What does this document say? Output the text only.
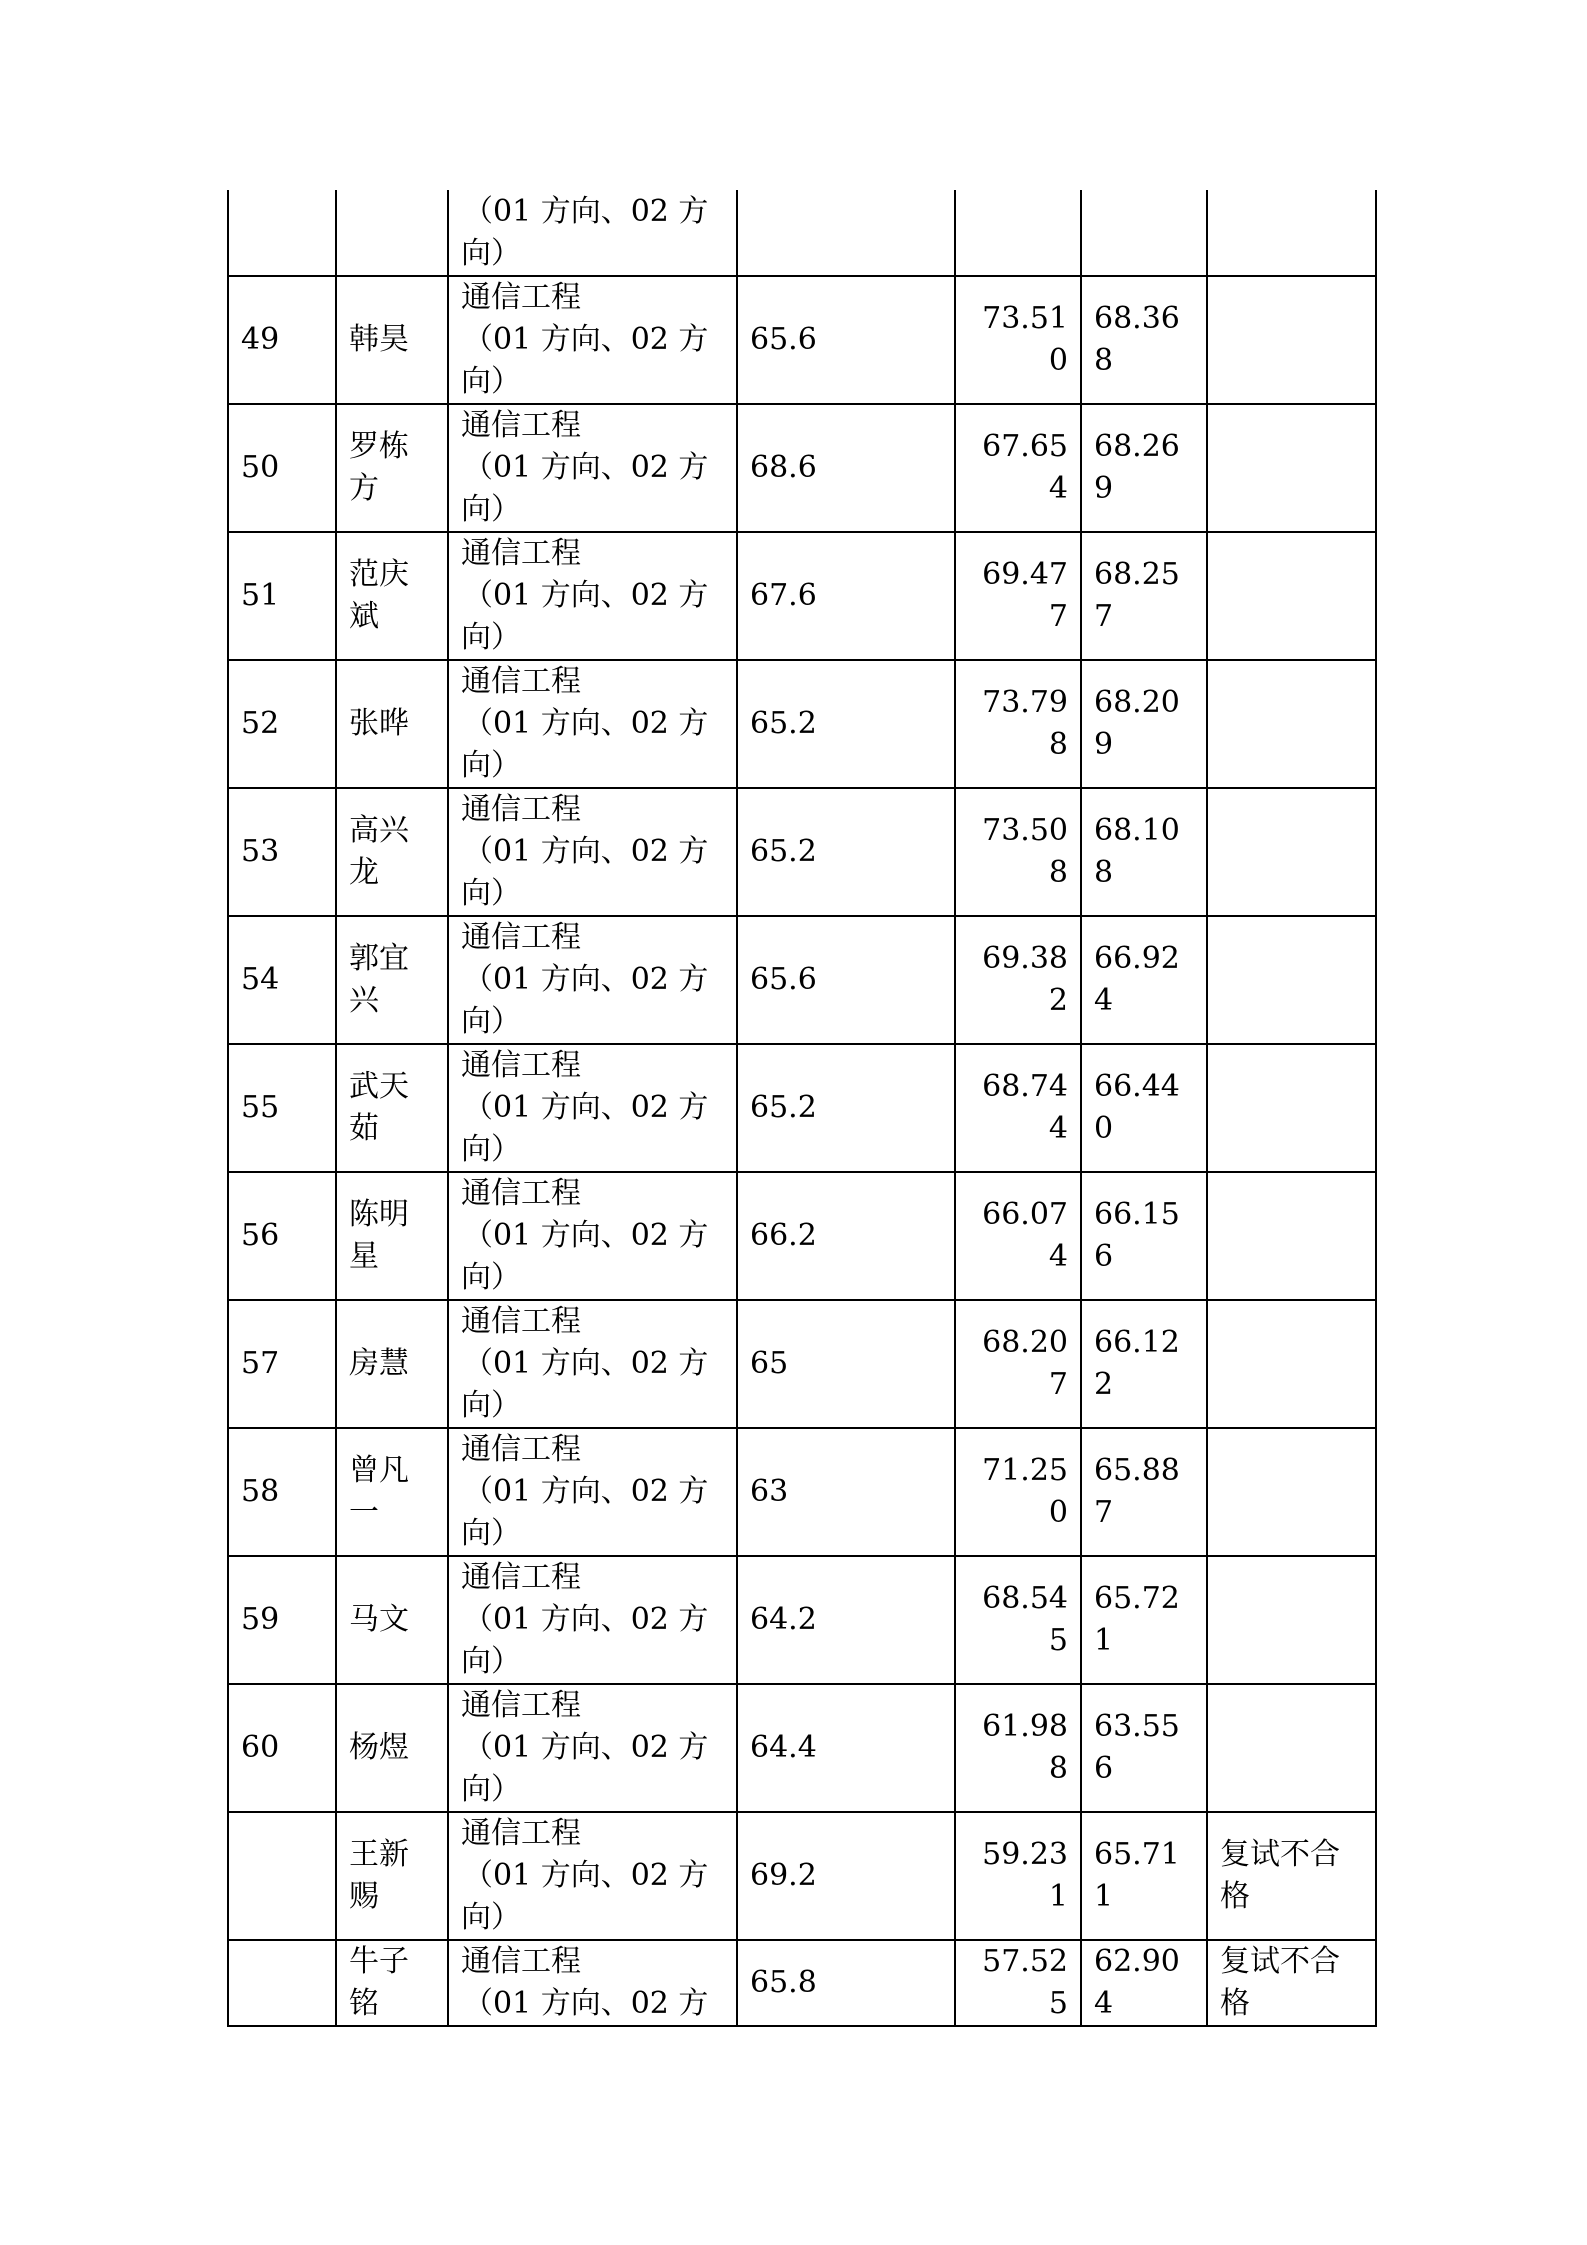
		（01 方向、02 方
向）				

49	韩昊	通信工程
（01 方向、02 方
向）	65.6	73.510	68.368	
50	罗栋方	通信工程
（01 方向、02 方
向）	68.6	67.654	68.269	
51	范庆斌	通信工程
（01 方向、02 方
向）	67.6	69.477	68.257	
52	张晔	通信工程
（01 方向、02 方
向）	65.2	73.798	68.209	
53	高兴龙	通信工程
（01 方向、02 方
向）	65.2	73.508	68.108	
54	郭宜兴	通信工程
（01 方向、02 方
向）	65.6	69.382	66.924	
55	武天茹	通信工程
（01 方向、02 方
向）	65.2	68.744	66.440	
56	陈明星	通信工程
（01 方向、02 方
向）	66.2	66.074	66.156	
57	房慧	通信工程
（01 方向、02 方
向）	65	68.207	66.122	
58	曾凡一	通信工程
（01 方向、02 方
向）	63	71.250	65.887	
59	马文	通信工程
（01 方向、02 方
向）	64.2	68.545	65.721	
60	杨煜	通信工程
（01 方向、02 方
向）	64.4	61.988	63.556	
	王新赐	通信工程
（01 方向、02 方
向）	69.2	59.231	65.711	复试不合格
	牛子铭	通信工程
（01 方向、02 方	65.8	57.525	62.904	复试不合格
